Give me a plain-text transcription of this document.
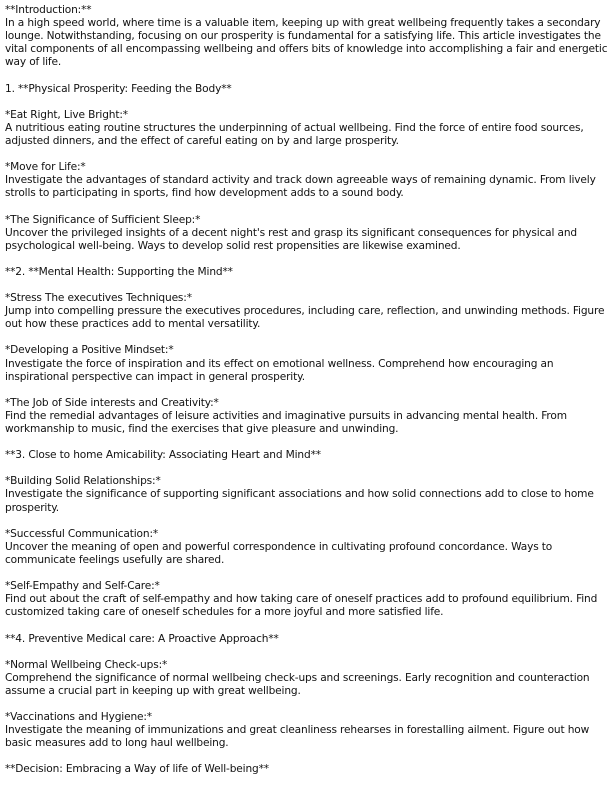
**Introduction:**
In a high speed world, where time is a valuable item, keeping up with great wellbeing frequently takes a secondary
lounge. Notwithstanding, focusing on our prosperity is fundamental for a satisfying life. This article investigates the
vital components of all encompassing wellbeing and offers bits of knowledge into accomplishing a fair and energetic
way of life.
1. **Physical Prosperity: Feeding the Body**
*Eat Right, Live Bright:*
A nutritious eating routine structures the underpinning of actual wellbeing. Find the force of entire food sources,
adjusted dinners, and the effect of careful eating on by and large prosperity.
*Move for Life:*
Investigate the advantages of standard activity and track down agreeable ways of remaining dynamic. From lively
strolls to participating in sports, find how development adds to a sound body.
*The Significance of Sufficient Sleep:*
Uncover the privileged insights of a decent night's rest and grasp its significant consequences for physical and
psychological well-being. Ways to develop solid rest propensities are likewise examined.
**2. **Mental Health: Supporting the Mind**
*Stress The executives Techniques:*
Jump into compelling pressure the executives procedures, including care, reflection, and unwinding methods. Figure
out how these practices add to mental versatility.
*Developing a Positive Mindset:*
Investigate the force of inspiration and its effect on emotional wellness. Comprehend how encouraging an
inspirational perspective can impact in general prosperity.
*The Job of Side interests and Creativity:*
Find the remedial advantages of leisure activities and imaginative pursuits in advancing mental health. From
workmanship to music, find the exercises that give pleasure and unwinding.
**3. Close to home Amicability: Associating Heart and Mind**
*Building Solid Relationships:*
Investigate the significance of supporting significant associations and how solid connections add to close to home
prosperity.
*Successful Communication:*
Uncover the meaning of open and powerful correspondence in cultivating profound concordance. Ways to
communicate feelings usefully are shared.
*Self-Empathy and Self-Care:*
Find out about the craft of self-empathy and how taking care of oneself practices add to profound equilibrium. Find
customized taking care of oneself schedules for a more joyful and more satisfied life.
**4. Preventive Medical care: A Proactive Approach**
*Normal Wellbeing Check-ups:*
Comprehend the significance of normal wellbeing check-ups and screenings. Early recognition and counteraction
assume a crucial part in keeping up with great wellbeing.
*Vaccinations and Hygiene:*
Investigate the meaning of immunizations and great cleanliness rehearses in forestalling ailment. Figure out how
basic measures add to long haul wellbeing.
**Decision: Embracing a Way of life of Well-being**
